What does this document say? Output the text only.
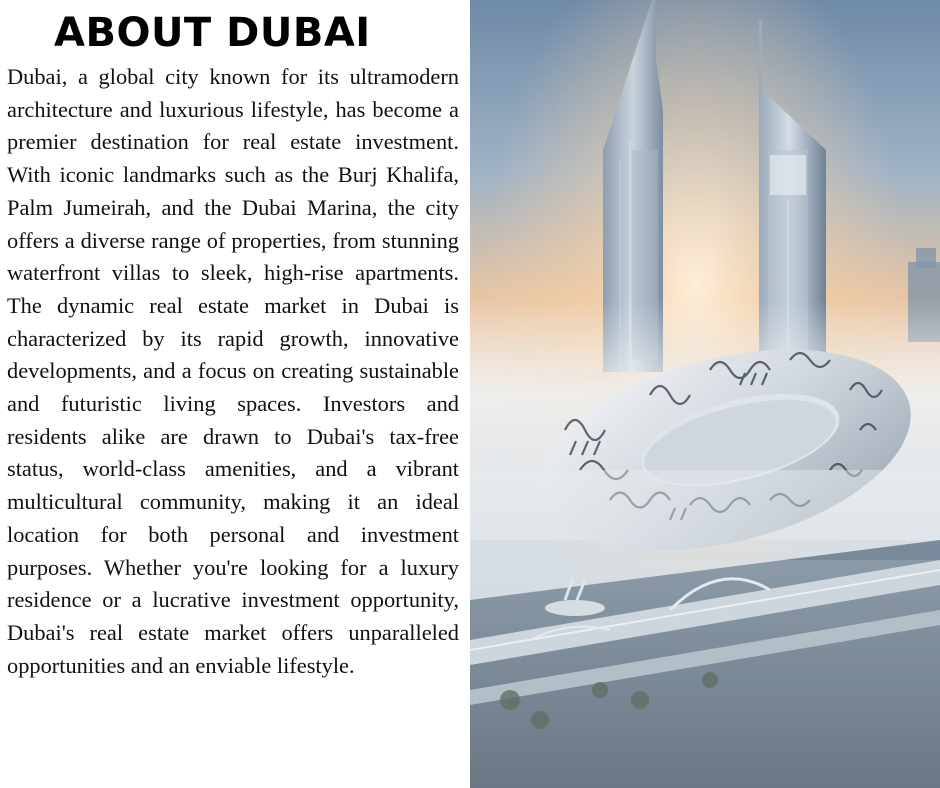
ABOUT DUBAI

Dubai, a global city known for its ultramodern architecture and luxurious lifestyle, has become a premier destination for real estate investment. With iconic landmarks such as the Burj Khalifa, Palm Jumeirah, and the Dubai Marina, the city offers a diverse range of properties, from stunning waterfront villas to sleek, high-rise apartments. The dynamic real estate market in Dubai is characterized by its rapid growth, innovative developments, and a focus on creating sustainable and futuristic living spaces. Investors and residents alike are drawn to Dubai's tax-free status, world-class amenities, and a vibrant multicultural community, making it an ideal location for both personal and investment purposes. Whether you're looking for a luxury residence or a lucrative investment opportunity, Dubai's real estate market offers unparalleled opportunities and an enviable lifestyle.
